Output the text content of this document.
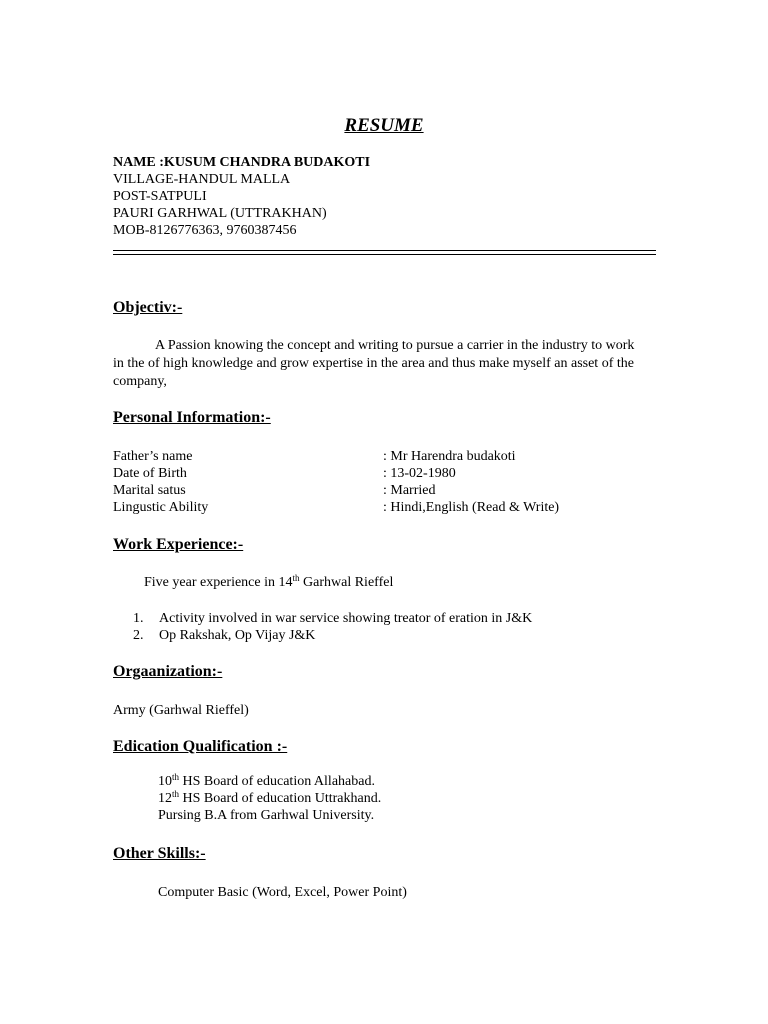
RESUME
NAME :KUSUM CHANDRA BUDAKOTI
VILLAGE-HANDUL MALLA
POST-SATPULI
PAURI GARHWAL (UTTRAKHAN)
MOB-8126776363, 9760387456
Objectiv:-
A Passion knowing the concept and writing to pursue a carrier in the industry to work in the of high knowledge and grow expertise in the area and thus make myself an asset of the company,
Personal Information:-
Father’s name	: Mr Harendra budakoti
Date of Birth	: 13-02-1980
Marital satus	: Married
Lingustic Ability	: Hindi,English (Read & Write)
Work Experience:-
Five year experience in 14th Garhwal Rieffel
1. Activity involved in war service showing treator of eration in J&K
2. Op Rakshak, Op Vijay J&K
Orgaanization:-
Army (Garhwal Rieffel)
Edication Qualification :-
10th HS Board of education Allahabad.
12th HS Board of education Uttrakhand.
Pursing B.A from Garhwal University.
Other Skills:-
Computer Basic (Word, Excel, Power Point)
